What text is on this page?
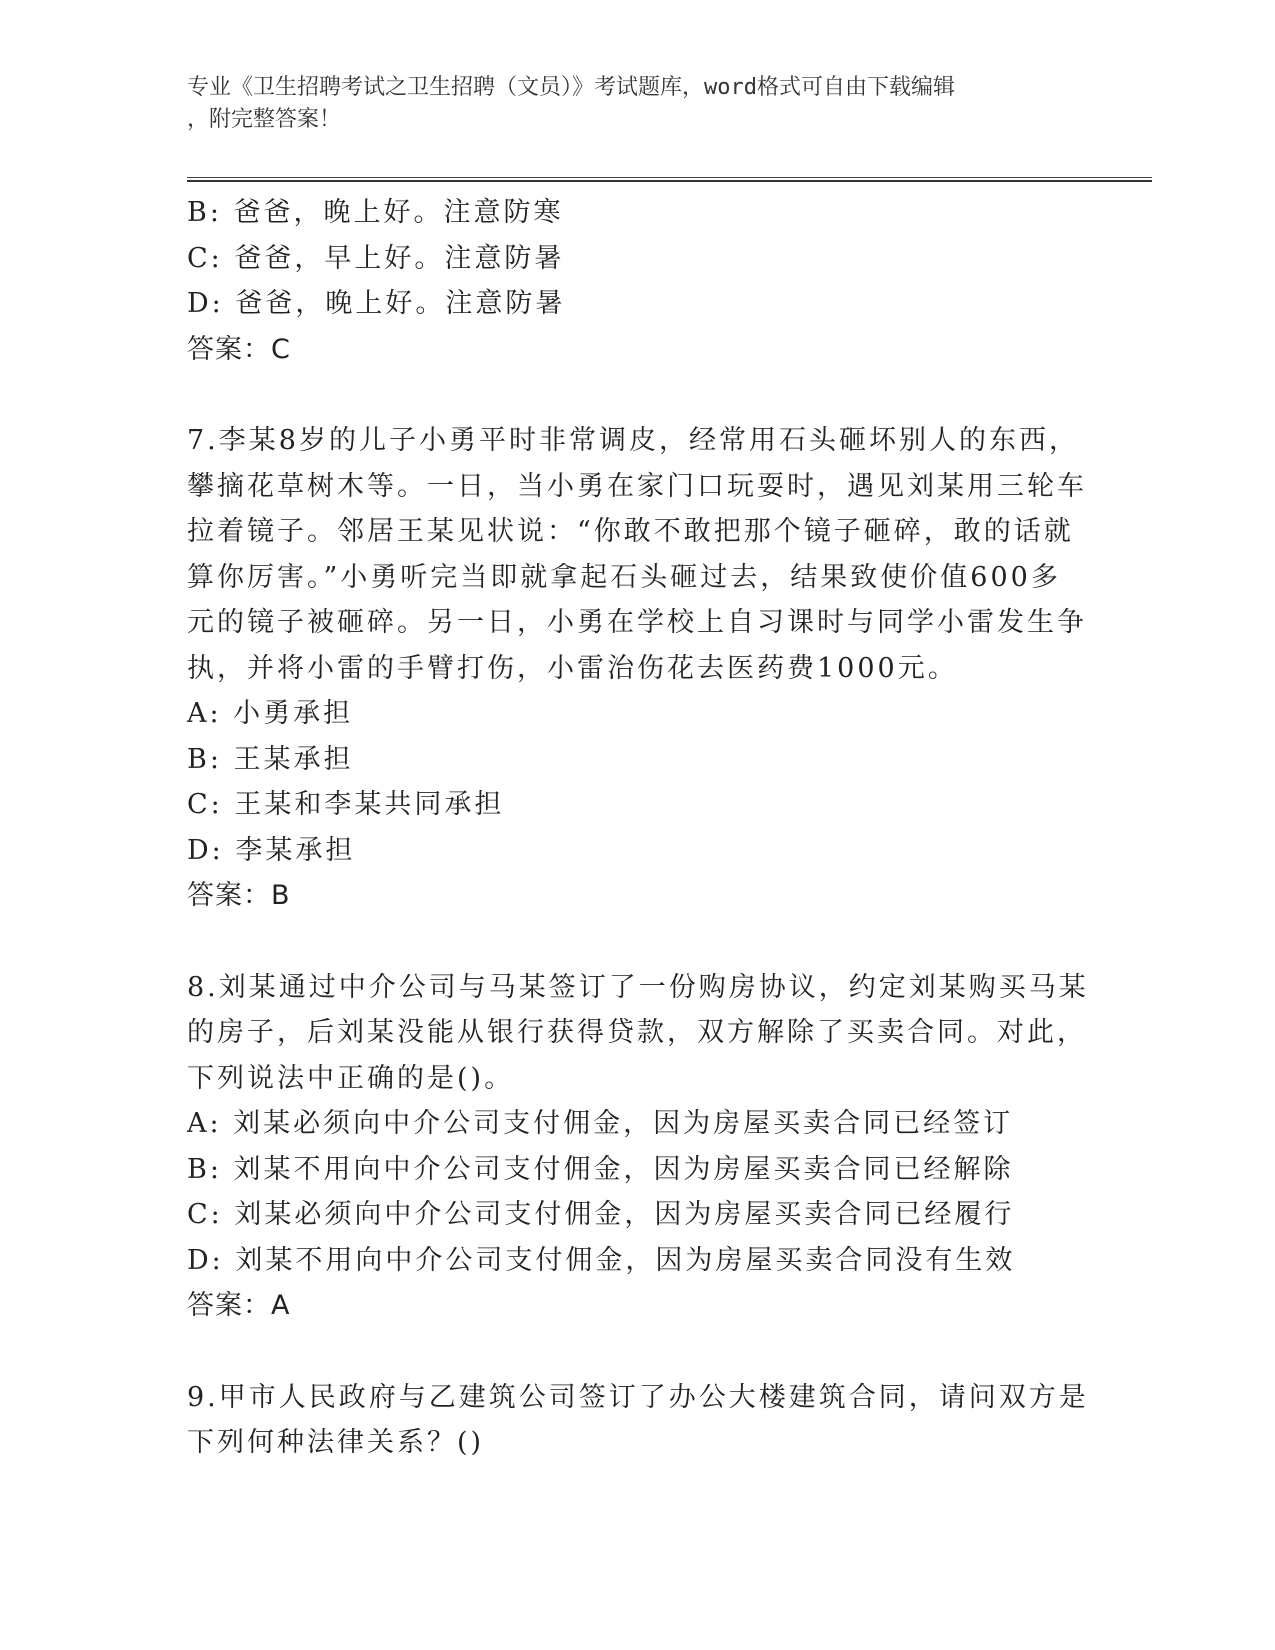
专业《卫生招聘考试之卫生招聘（文员）》考试题库，word格式可自由下载编辑
，附完整答案！
B: 爸爸，晚上好。注意防寒
C: 爸爸，早上好。注意防暑
D: 爸爸，晚上好。注意防暑
答案：C
7.李某8岁的儿子小勇平时非常调皮，经常用石头砸坏别人的东西，
攀摘花草树木等。一日，当小勇在家门口玩耍时，遇见刘某用三轮车
拉着镜子。邻居王某见状说：“你敢不敢把那个镜子砸碎，敢的话就
算你厉害。”小勇听完当即就拿起石头砸过去，结果致使价值600多
元的镜子被砸碎。另一日，小勇在学校上自习课时与同学小雷发生争
执，并将小雷的手臂打伤，小雷治伤花去医药费1000元。
A: 小勇承担
B: 王某承担
C: 王某和李某共同承担
D: 李某承担
答案：B
8.刘某通过中介公司与马某签订了一份购房协议，约定刘某购买马某
的房子，后刘某没能从银行获得贷款，双方解除了买卖合同。对此，
下列说法中正确的是()。
A: 刘某必须向中介公司支付佣金，因为房屋买卖合同已经签订
B: 刘某不用向中介公司支付佣金，因为房屋买卖合同已经解除
C: 刘某必须向中介公司支付佣金，因为房屋买卖合同已经履行
D: 刘某不用向中介公司支付佣金，因为房屋买卖合同没有生效
答案：A
9.甲市人民政府与乙建筑公司签订了办公大楼建筑合同，请问双方是
下列何种法律关系？()
